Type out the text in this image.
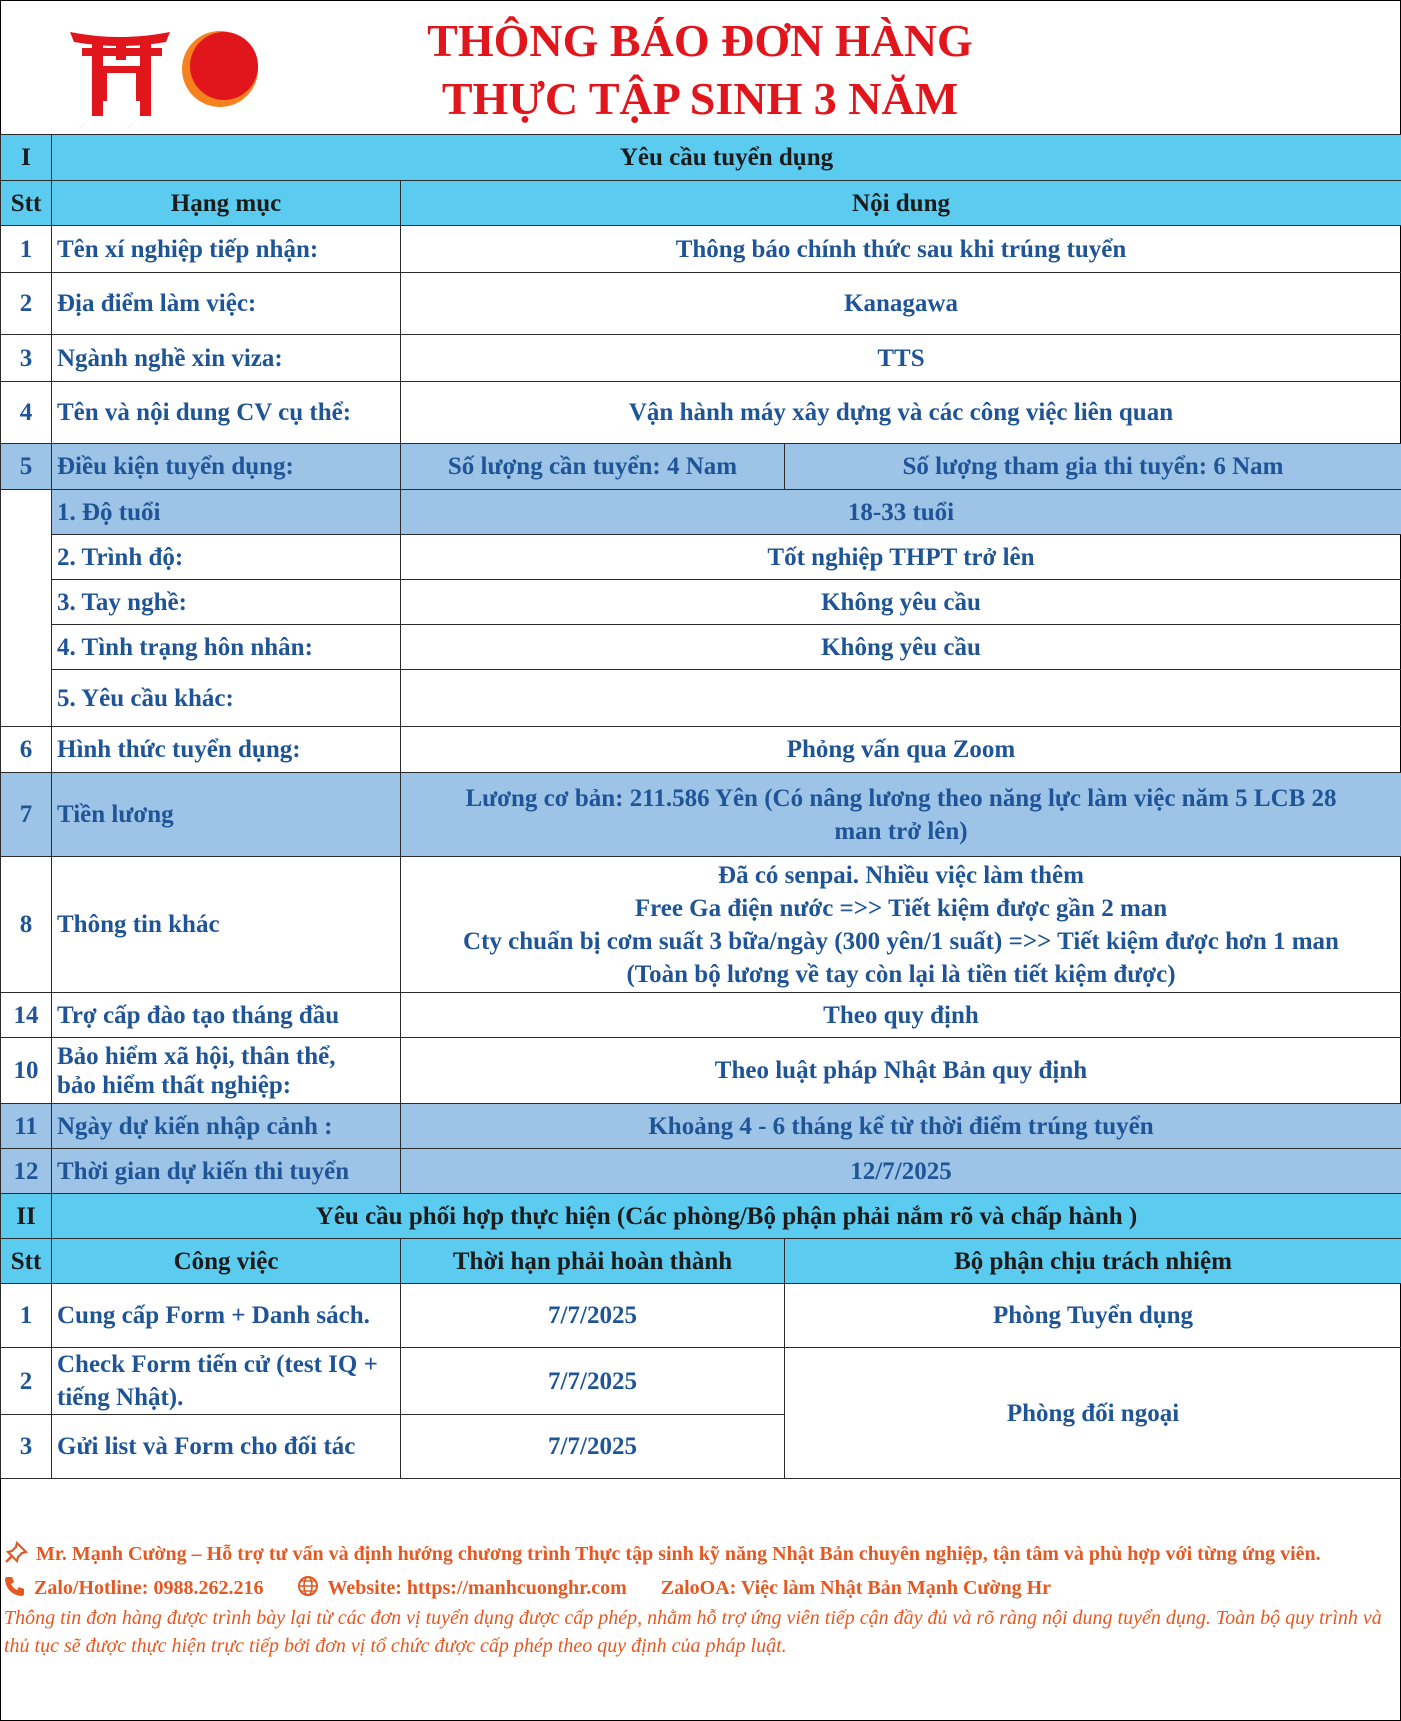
THÔNG BÁO ĐƠN HÀNG
THỰC TẬP SINH 3 NĂM
I	Yêu cầu tuyển dụng		
Stt	Hạng mục	Nội dung	
1	Tên xí nghiệp tiếp nhận:	Thông báo chính thức sau khi trúng tuyển	
2	Địa điểm làm việc:	Kanagawa	
3	Ngành nghề xin viza:	TTS	
4	Tên và nội dung CV cụ thể:	Vận hành máy xây dựng và các công việc liên quan	
5	Điều kiện tuyển dụng:	Số lượng cần tuyển: 4 Nam	Số lượng tham gia thi tuyển: 6 Nam
	1. Độ tuổi	18-33 tuổi	
	2. Trình độ:	Tốt nghiệp THPT trở lên	
	3. Tay nghề:	Không yêu cầu	
	4. Tình trạng hôn nhân:	Không yêu cầu	
	5. Yêu cầu khác:		
6	Hình thức tuyển dụng:	Phỏng vấn qua Zoom	
7	Tiền lương	Lương cơ bản: 211.586 Yên (Có nâng lương theo năng lực làm việc năm 5 LCB 28
man trở lên)	

8	Thông tin khác	Đã có senpai. Nhiều việc làm thêm
Free Ga điện nước =>> Tiết kiệm được gần 2 man
Cty chuẩn bị cơm suất 3 bữa/ngày (300 yên/1 suất) =>> Tiết kiệm được hơn 1 man
(Toàn bộ lương về tay còn lại là tiền tiết kiệm được)	

14	Trợ cấp đào tạo tháng đầu	Theo quy định	
10	Bảo hiểm xã hội, thân thể,
bảo hiểm thất nghiệp:	Theo luật pháp Nhật Bản quy định	
11	Ngày dự kiến nhập cảnh :	Khoảng 4 - 6 tháng kể từ thời điểm trúng tuyển	
12	Thời gian dự kiến thi tuyển	12/7/2025	
II	Yêu cầu phối hợp thực hiện (Các phòng/Bộ phận phải nắm rõ và chấp hành )		
Stt	Công việc	Thời hạn phải hoàn thành	Bộ phận chịu trách nhiệm
1	Cung cấp Form + Danh sách.	7/7/2025	Phòng Tuyển dụng
2	Check Form tiến cử (test IQ + tiếng Nhật).	7/7/2025	Phòng đối ngoại
3	Gửi list và Form cho đối tác	7/7/2025	
Mr. Mạnh Cường – Hỗ trợ tư vấn và định hướng chương trình Thực tập sinh kỹ năng Nhật Bản chuyên nghiệp, tận tâm và phù hợp với từng ứng viên.
Zalo/Hotline: 0988.262.216	Website: https://manhcuonghr.com ZaloOA: Việc làm Nhật Bản Mạnh Cường Hr
Thông tin đơn hàng được trình bày lại từ các đơn vị tuyển dụng được cấp phép, nhằm hỗ trợ ứng viên tiếp cận đầy đủ và rõ ràng nội dung tuyển dụng. Toàn bộ quy trình và thủ tục sẽ được thực hiện trực tiếp bởi đơn vị tổ chức được cấp phép theo quy định của pháp luật.
